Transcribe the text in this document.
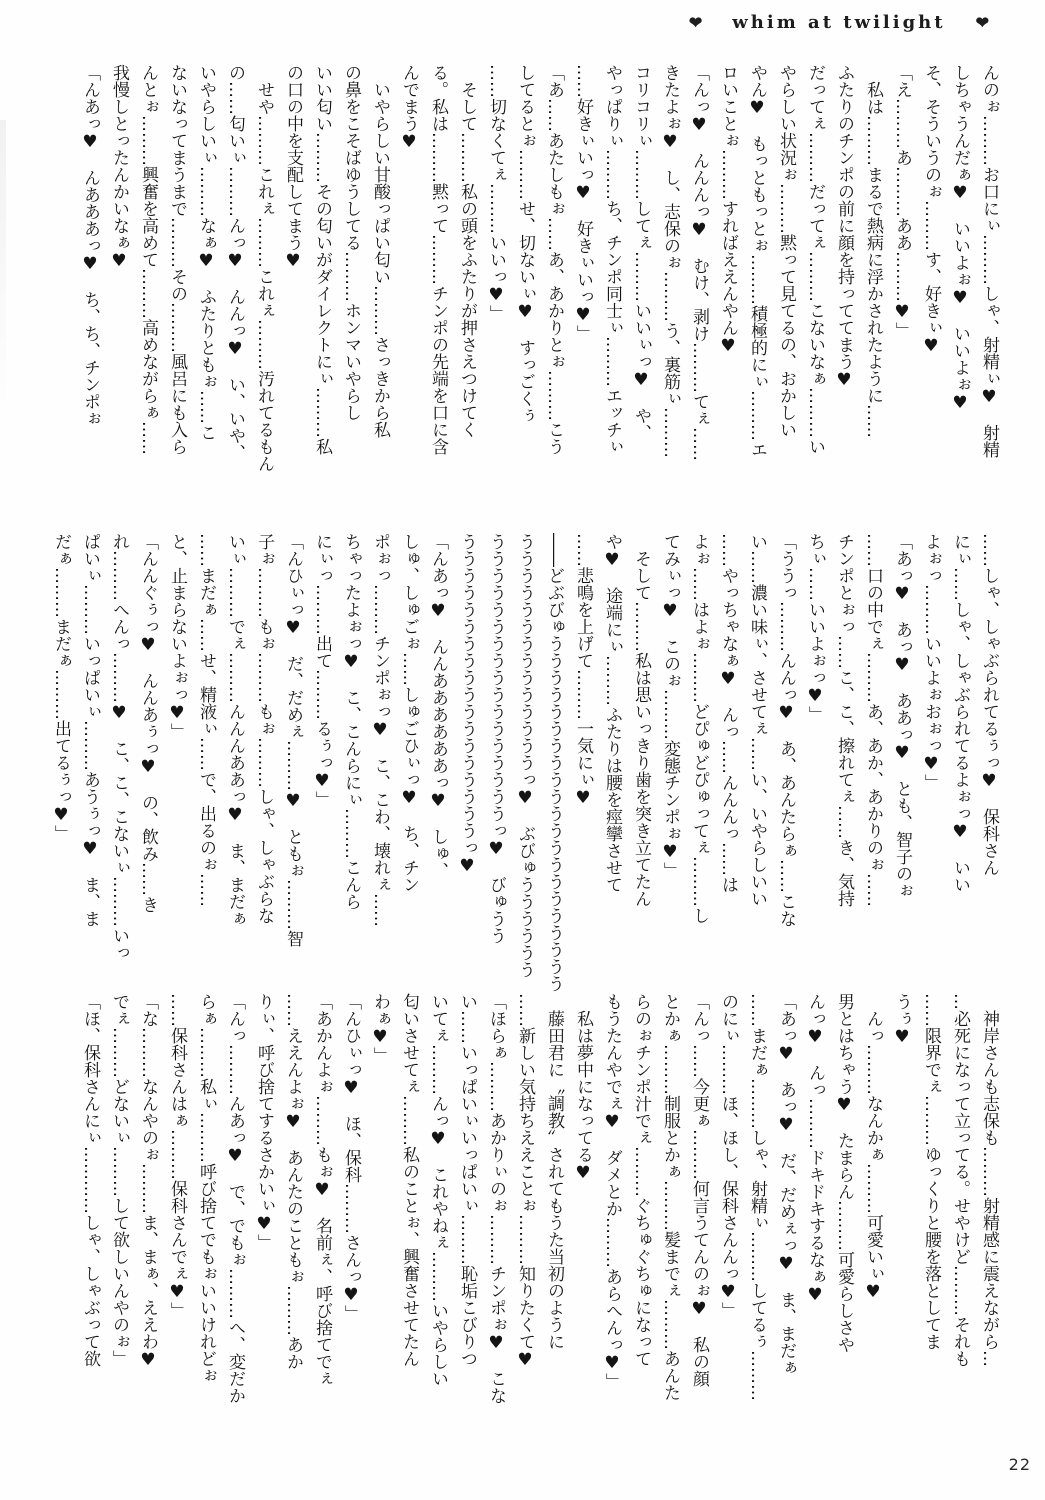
❤ whim at twilight ❤
んのぉ………お口にぃ………しゃ、射精ぃ♥　射精
しちゃうんだぁ♥　いいよぉ♥　いいよぉ♥
そ、そういうのぉ………す、好きぃ♥
「え………あ………ああ………♥」
　私は………まるで熱病に浮かされたように……
ふたりのチンポの前に顔を持っててまう♥
だってぇ………だってぇ………こないなぁ………い
やらしい状況ぉ………黙って見てるの、おかしい
やん♥　もっともっとぉ………積極的にぃ………エ
ロいことぉ………すればええんやん♥
「んっ♥　んんんっ♥　むけ、剥け………てぇ……
きたよぉ♥　し、志保のぉ………う、裏筋ぃ………
コリコリぃ………してぇ………いいぃっ♥　や、
やっぱりぃ………ち、チンポ同士ぃ………エッチぃ
……好きぃいっ♥　好きぃいっ♥」
「あ……あたしもぉ……あ、あかりとぉ………こう
してるとぉ………せ、切ないぃ♥　すっごくぅ
……切なくてぇ………いいっ♥」
　そして………私の頭をふたりが押さえつけてく
る。私は………黙って………チンポの先端を口に含
んでまう♥
　いやらしい甘酸っぱい匂い………さっきから私
の鼻をこそばゆうしてる………ホンマいやらし
いい匂い………その匂いがダイレクトにぃ………私
の口の中を支配してまう♥
　せや………これぇ………これぇ………汚れてるもん
の……匂いぃ………んっ♥　んんっ♥　い、いや、
いやらしいぃ………なぁ♥　ふたりともぉ……こ
ないなってまうまで………その………風呂にも入ら
んとぉ………興奮を高めて………高めながらぁ……
我慢しとったんかいなぁ♥
「んあっ♥　んあああっ♥　ち、ち、チンポぉ
……しゃ、しゃぶられてるぅっ♥　保科さん
にぃ……しゃ、しゃぶられてるよぉっ♥　いい
よぉっ………いいよぉおぉっ♥」
「あっ♥　あっ♥　ああっ♥　とも、智子のぉ
……口の中でぇ………あ、あか、あかりのぉ……
チンポとぉっ……こ、こ、擦れてぇ……き、気持
ちぃ……いいよぉっ♥」
「ううっ………んんっ♥　あ、あんたらぁ……こな
い……濃い味ぃ、させてぇ……い、いやらしいい
……やっちゃなぁ♥　んっ……んんんっ……は
よぉ……はよぉ………どぴゅどぴゅってぇ………し
てみぃっ♥　このぉ………変態チンポぉ♥」
　そして………私は思いっきり歯を突き立てたん
や♥　途端にぃ………ふたりは腰を痙攣させて
……悲鳴を上げて………一気にぃ♥
――どぶびゅううううううううううううううううううううう
ううううううううううううううっ♥　ぶびゅうううううう
うううううううううううううううううっ♥　びゅうう
ううううううううううううううううううっ♥
「んあっ♥　んんああああああっ♥　しゅ、
しゅ、しゅごぉ……しゅごひぃっ♥　ち、チン
ポぉっ………チンポぉっ♥　こ、こわ、壊れぇ……
ちゃったよぉっ♥　こ、こんらにぃ………こんら
にぃっ………出て………るぅっ♥」
「んひぃっ♥　だ、だめぇ………♥　ともぉ………智
子ぉ………もぉ………もぉ………しゃ、しゃぶらな
いぃ………でぇ………んんんああっ♥　ま、まだぁ
……まだぁ……せ、精液ぃ……で、出るのぉ……
と、止まらないよぉっ♥」
「んんぐぅっ♥　んんあぅっ♥　の、飲み……き
れ………へんっ………♥　こ、こ、こないぃ………いっ
ぱいぃ………いっぱいぃ………あうぅっ♥　ま、ま
だぁ………まだぁ………出てるぅっ♥」
　神岸さんも志保も………射精感に震えながら…
…必死になって立ってる。せやけど………それも
……限界でぇ………ゆっくりと腰を落としてま
うぅ♥
　んっ………なんかぁ………可愛いぃ♥
男とはちゃう♥　たまらん………可愛らしさや
んっ♥　んっ………ドキドキするなぁ♥
「あっ♥　あっ♥　だ、だめぇっ♥　ま、まだぁ
……まだぁ………しゃ、射精ぃ………してるぅ………
のにぃ………ほ、ほし、保科さんんっ♥」
「んっ……今更ぁ………何言うてんのぉ♥　私の顔
とかぁ………制服とかぁ………髪までぇ………あんた
らのぉチンポ汁でぇ………ぐちゅぐちゅになって
もうたんやでぇ♥　ダメとか………あらへんっ♥」
　私は夢中になってる♥
　藤田君に〝調教〟されてもうた当初のように
……新しい気持ちええことぉ………知りたくて♥
「ほらぁ………あかりぃのぉ………チンポぉ♥　こな
い……いっぱいぃいっぱいぃ………恥垢こびりつ
いてぇ………んっ♥　これやねぇ………いやらしい
匂いさせてぇ………私のことぉ、興奮させてたん
わぁ♥」
「んひぃっ♥　ほ、保科………さんっ♥」
「あかんよぉ………もぉ♥　名前ぇ、呼び捨てでぇ
……ええんよぉ♥　あんたのこともぉ………あか
りぃ、呼び捨てするさかいぃ♥」
「んっ………んあっ♥　で、でもぉ………へ、変だか
らぁ………私ぃ………呼び捨てでもぉいいけれどぉ
……保科さんはぁ………保科さんでぇ♥」
「な………なんやのぉ………ま、まぁ、ええわ♥
でぇ………どないぃ………して欲しいんやのぉ」
「ほ、保科さんにぃ…………しゃ、しゃぶって欲
22
